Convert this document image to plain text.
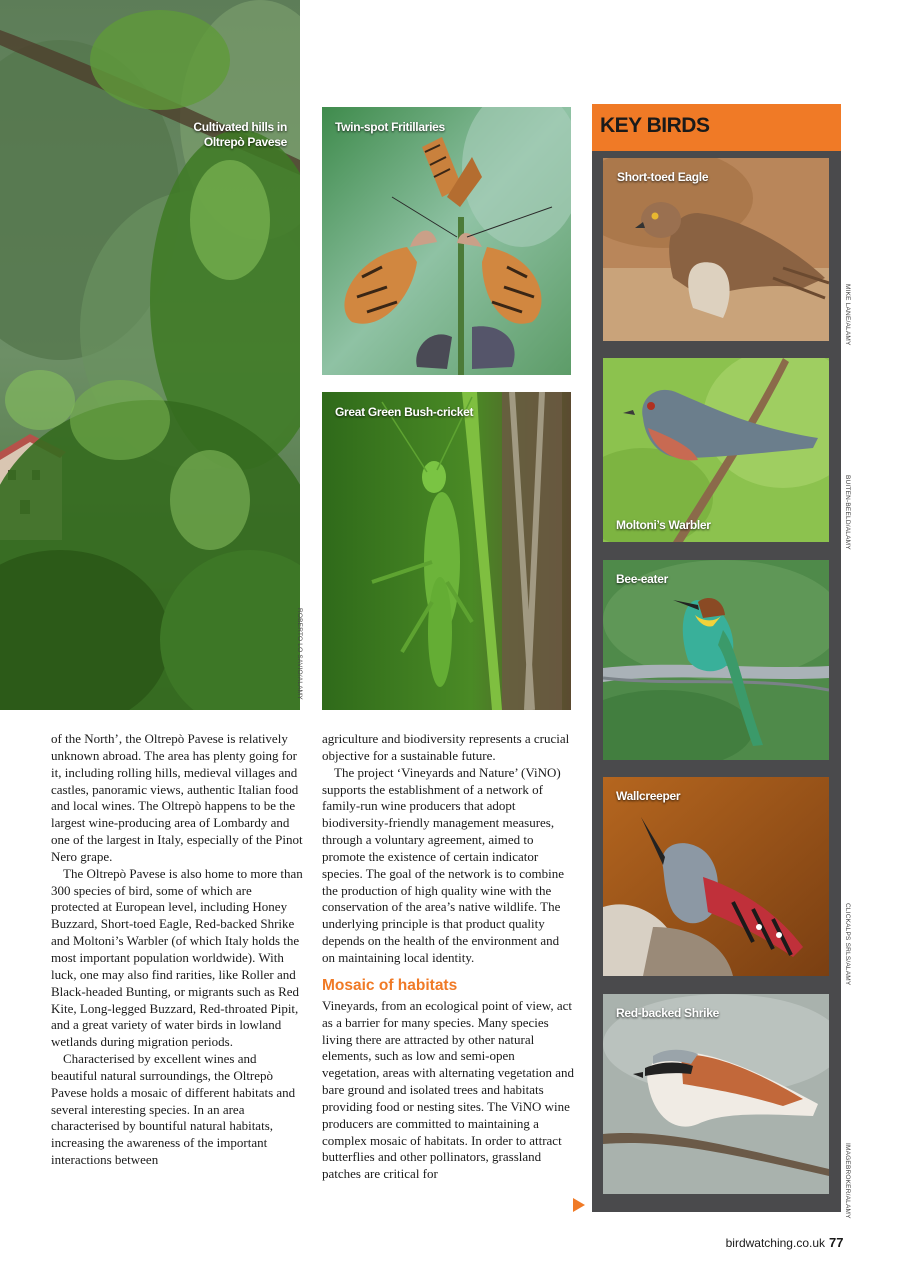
Cultivated hills in
Oltrepò Pavese
ROBERTO LO SAVIO/ALAMY
Twin-spot Fritillaries
Great Green Bush-cricket

of the North’, the Oltrepò Pavese is relatively unknown abroad. The area has plenty going for it, including rolling hills, medieval villages and castles, panoramic views, authentic Italian food and local wines. The Oltrepò happens to be the largest wine-producing area of Lombardy and one of the largest in Italy, especially of the Pinot Nero grape.

The Oltrepò Pavese is also home to more than 300 species of bird, some of which are protected at European level, including Honey Buzzard, Short-toed Eagle, Red-backed Shrike and Moltoni’s Warbler (of which Italy holds the most important population worldwide). With luck, one may also find rarities, like Roller and Black-headed Bunting, or migrants such as Red Kite, Long-legged Buzzard, Red-throated Pipit, and a great variety of water birds in lowland wetlands during migration periods.

Characterised by excellent wines and beautiful natural surroundings, the Oltrepò Pavese holds a mosaic of different habitats and several interesting species. In an area characterised by bountiful natural habitats, increasing the awareness of the important interactions between

agriculture and biodiversity represents a crucial objective for a sustainable future.

The project ‘Vineyards and Nature’ (ViNO) supports the establishment of a network of family-run wine producers that adopt biodiversity-friendly management measures, through a voluntary agreement, aimed to promote the existence of certain indicator species. The goal of the network is to combine the production of high quality wine with the conservation of the area’s native wildlife. The underlying principle is that product quality depends on the health of the environment and on maintaining local identity.

Mosaic of habitats

Vineyards, from an ecological point of view, act as a barrier for many species. Many species living there are attracted by other natural elements, such as low and semi-open vegetation, areas with alternating vegetation and bare ground and isolated trees and habitats providing food or nesting sites. The ViNO wine producers are committed to maintaining a complex mosaic of habitats. In order to attract butterflies and other pollinators, grassland patches are critical for

KEY BIRDS
Short-toed Eagle
Moltoni’s Warbler
Bee-eater
Wallcreeper
Red-backed Shrike
MIKE LANE/ALAMY
BUITEN-BEELD/ALAMY
CLICKALPS SRLS/ALAMY
IMAGEBROKER/ALAMY
birdwatching.co.uk 77
